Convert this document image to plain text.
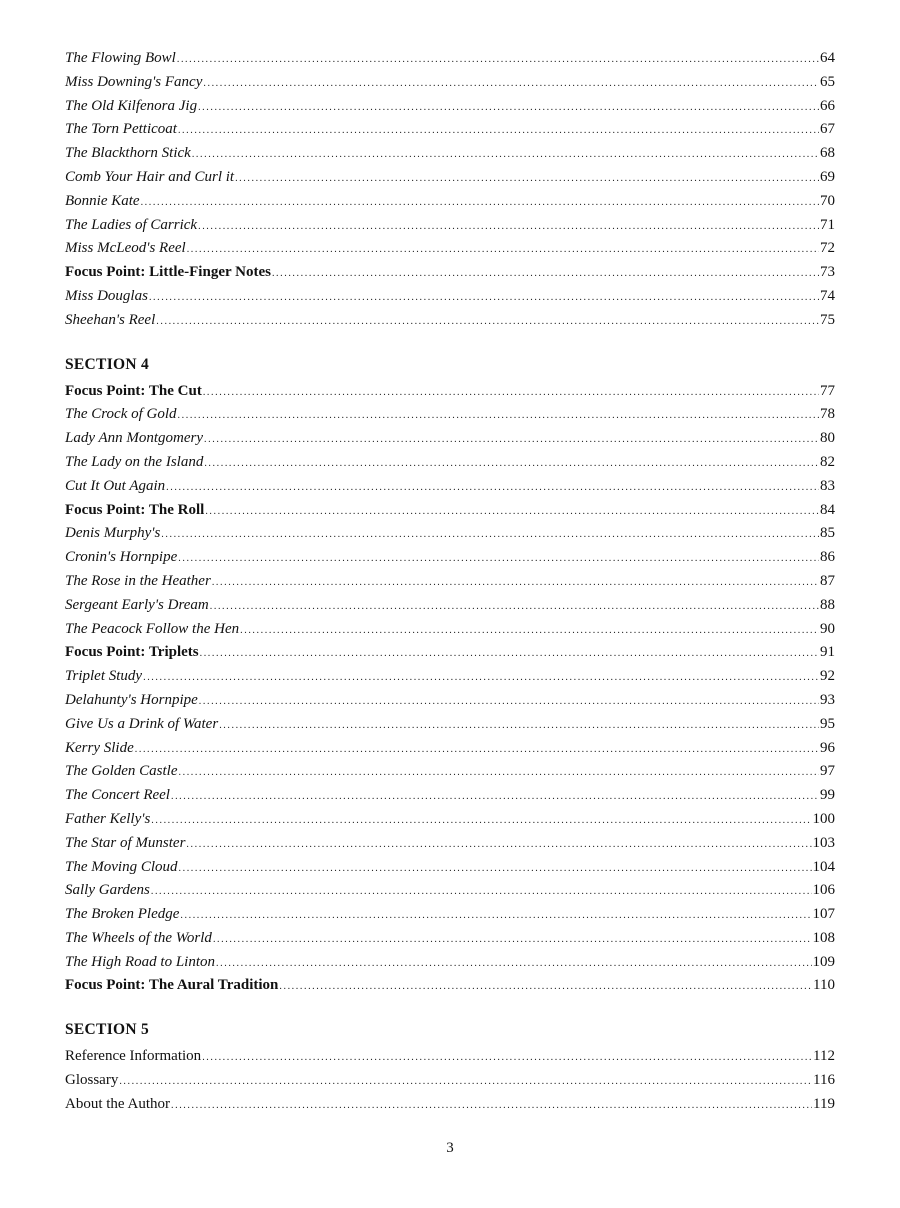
The Flowing Bowl .....	64
Miss Downing's Fancy .....	65
The Old Kilfenora Jig .....	66
The Torn Petticoat .....	67
The Blackthorn Stick .....	68
Comb Your Hair and Curl it .....	69
Bonnie Kate .....	70
The Ladies of Carrick .....	71
Miss McLeod's Reel .....	72
Focus Point: Little-Finger Notes .....	73
Miss Douglas .....	74
Sheehan's Reel .....	75
SECTION 4
Focus Point: The Cut .....	77
The Crock of Gold .....	78
Lady Ann Montgomery .....	80
The Lady on the Island .....	82
Cut It Out Again .....	83
Focus Point: The Roll .....	84
Denis Murphy's .....	85
Cronin's Hornpipe .....	86
The Rose in the Heather .....	87
Sergeant Early's Dream .....	88
The Peacock Follow the Hen .....	90
Focus Point: Triplets .....	91
Triplet Study .....	92
Delahunty's Hornpipe .....	93
Give Us a Drink of Water .....	95
Kerry Slide .....	96
The Golden Castle .....	97
The Concert Reel .....	99
Father Kelly's .....	100
The Star of Munster .....	103
The Moving Cloud .....	104
Sally Gardens .....	106
The Broken Pledge .....	107
The Wheels of the World .....	108
The High Road to Linton .....	109
Focus Point: The Aural Tradition .....	110
SECTION 5
Reference Information .....	112
Glossary .....	116
About the Author .....	119
3
